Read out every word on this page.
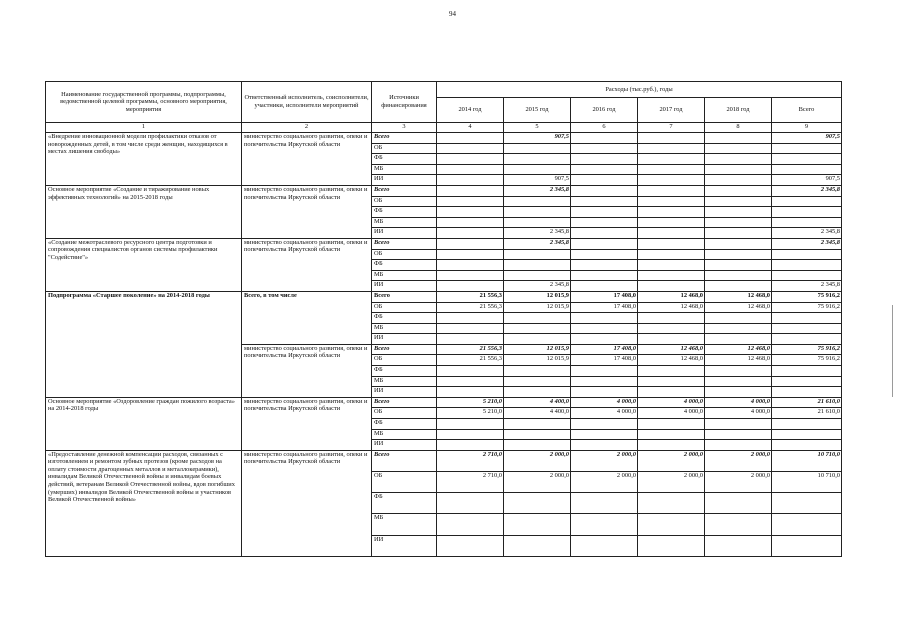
94
Наименование государственной программы, подпрограммы, ведомственной целевой программы, основного мероприятия, мероприятия	Ответственный исполнитель, соисполнители, участники, исполнители мероприятий	Источники финансирования	Расходы (тыс.руб.), годы					
			2014 год	2015 год	2016 год	2017 год	2018 год	Всего
1	2	3	4	5	6	7	8	9
«Внедрение инновационной модели профилактики отказов от новорожденных детей, в том числе среди женщин, находящихся в местах лишения свободы»	министерство социального развития, опеки и попечительства Иркутской области	Всего		907,5				907,5
		ОБ						
		ФБ						
		МБ						
		ИИ		907,5				907,5
Основное мероприятие «Создание и тиражирование новых эффективных технологий» на 2015-2018 годы	министерство социального развития, опеки и попечительства Иркутской области	Всего		2 345,8				2 345,8
		ОБ						
		ФБ						
		МБ						
		ИИ		2 345,8				2 345,8
«Создание межотраслевого ресурсного центра подготовки и сопровождения специалистов органов системы профилактики "Содействие"»	министерство социального развития, опеки и попечительства Иркутской области	Всего		2 345,8				2 345,8
		ОБ						
		ФБ						
		МБ						
		ИИ		2 345,8				2 345,8
Подпрограмма «Старшее поколение» на 2014-2018 годы	Всего, в том числе	Всего	21 556,3	12 015,9	17 408,0	12 468,0	12 468,0	75 916,2
		ОБ	21 556,3	12 015,9	17 408,0	12 468,0	12 468,0	75 916,2
		ФБ						
		МБ						
		ИИ						
	министерство социального развития, опеки и попечительства Иркутской области	Всего	21 556,3	12 015,9	17 408,0	12 468,0	12 468,0	75 916,2
		ОБ	21 556,3	12 015,9	17 408,0	12 468,0	12 468,0	75 916,2
		ФБ						
		МБ						
		ИИ						
Основное мероприятие «Оздоровление граждан пожилого возраста» на 2014-2018 годы	министерство социального развития, опеки и попечительства Иркутской области	Всего	5 210,0	4 400,0	4 000,0	4 000,0	4 000,0	21 610,0
		ОБ	5 210,0	4 400,0	4 000,0	4 000,0	4 000,0	21 610,0
		ФБ						
		МБ						
		ИИ						
«Предоставление денежной компенсации расходов, связанных с изготовлением и ремонтом зубных протезов (кроме расходов на оплату стоимости драгоценных металлов и металлокерамики), инвалидам Великой Отечественной войны и инвалидам боевых действий, ветеранам Великой Отечественной войны, вдов погибших (умерших) инвалидов Великой Отечественной войны и участников Великой Отечественной войны»	министерство социального развития, опеки и попечительства Иркутской области	Всего	2 710,0	2 000,0	2 000,0	2 000,0	2 000,0	10 710,0
		ОБ	2 710,0	2 000,0	2 000,0	2 000,0	2 000,0	10 710,0
		ФБ						
		МБ						
		ИИ						
